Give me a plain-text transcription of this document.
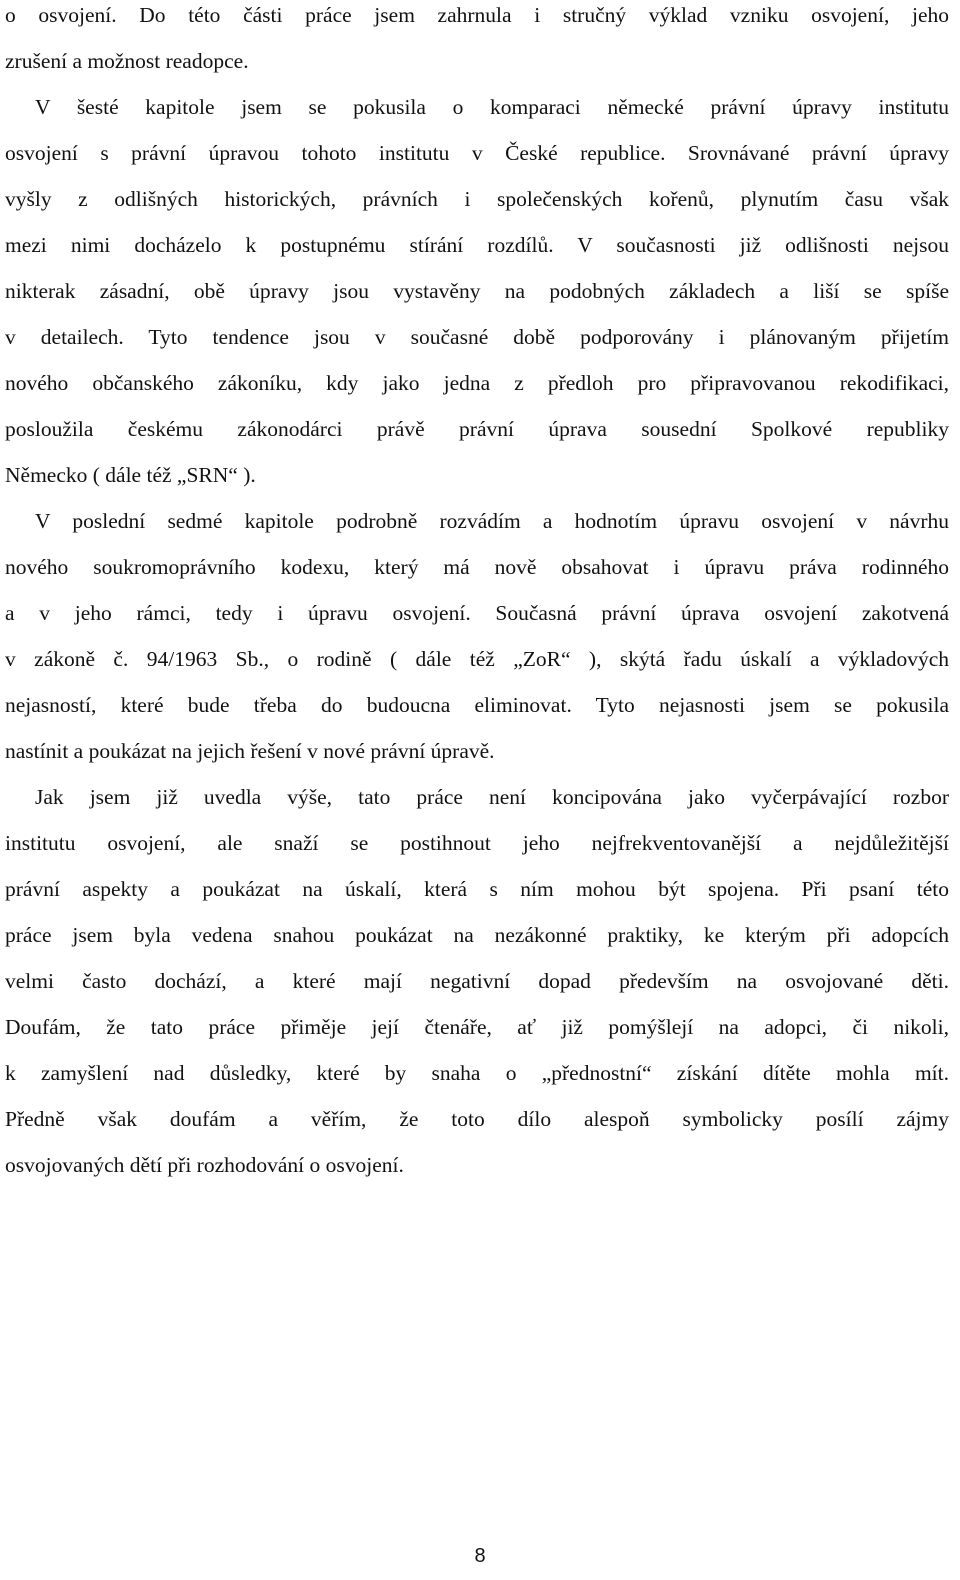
o osvojení. Do této části práce jsem zahrnula i stručný výklad vzniku osvojení, jeho
zrušení a možnost readopce.
V šesté kapitole jsem se pokusila o komparaci německé právní úpravy institutu
osvojení s právní úpravou tohoto institutu v České republice. Srovnávané právní úpravy
vyšly z odlišných historických, právních i společenských kořenů, plynutím času však
mezi nimi docházelo k postupnému stírání rozdílů. V současnosti již odlišnosti nejsou
nikterak zásadní, obě úpravy jsou vystavěny na podobných základech a liší se spíše
v detailech. Tyto tendence jsou v současné době podporovány i plánovaným přijetím
nového občanského zákoníku, kdy jako jedna z předloh pro připravovanou rekodifikaci,
posloužila českému zákonodárci právě právní úprava sousední Spolkové republiky
Německo ( dále též „SRN“ ).
V poslední sedmé kapitole podrobně rozvádím a hodnotím úpravu osvojení v návrhu
nového soukromoprávního kodexu, který má nově obsahovat i úpravu práva rodinného
a v jeho rámci, tedy i úpravu osvojení. Současná právní úprava osvojení zakotvená
v zákoně č. 94/1963 Sb., o rodině ( dále též „ZoR“ ), skýtá řadu úskalí a výkladových
nejasností, které bude třeba do budoucna eliminovat. Tyto nejasnosti jsem se pokusila
nastínit a poukázat na jejich řešení v nové právní úpravě.
Jak jsem již uvedla výše, tato práce není koncipována jako vyčerpávající rozbor
institutu osvojení, ale snaží se postihnout jeho nejfrekventovanější a nejdůležitější
právní aspekty a poukázat na úskalí, která s ním mohou být spojena. Při psaní této
práce jsem byla vedena snahou poukázat na nezákonné praktiky, ke kterým při adopcích
velmi často dochází, a které mají negativní dopad především na osvojované děti.
Doufám, že tato práce přiměje její čtenáře, ať již pomýšlejí na adopci, či nikoli,
k zamyšlení nad důsledky, které by snaha o „přednostní“ získání dítěte mohla mít.
Předně však doufám a věřím, že toto dílo alespoň symbolicky posílí zájmy
osvojovaných dětí při rozhodování o osvojení.
8
